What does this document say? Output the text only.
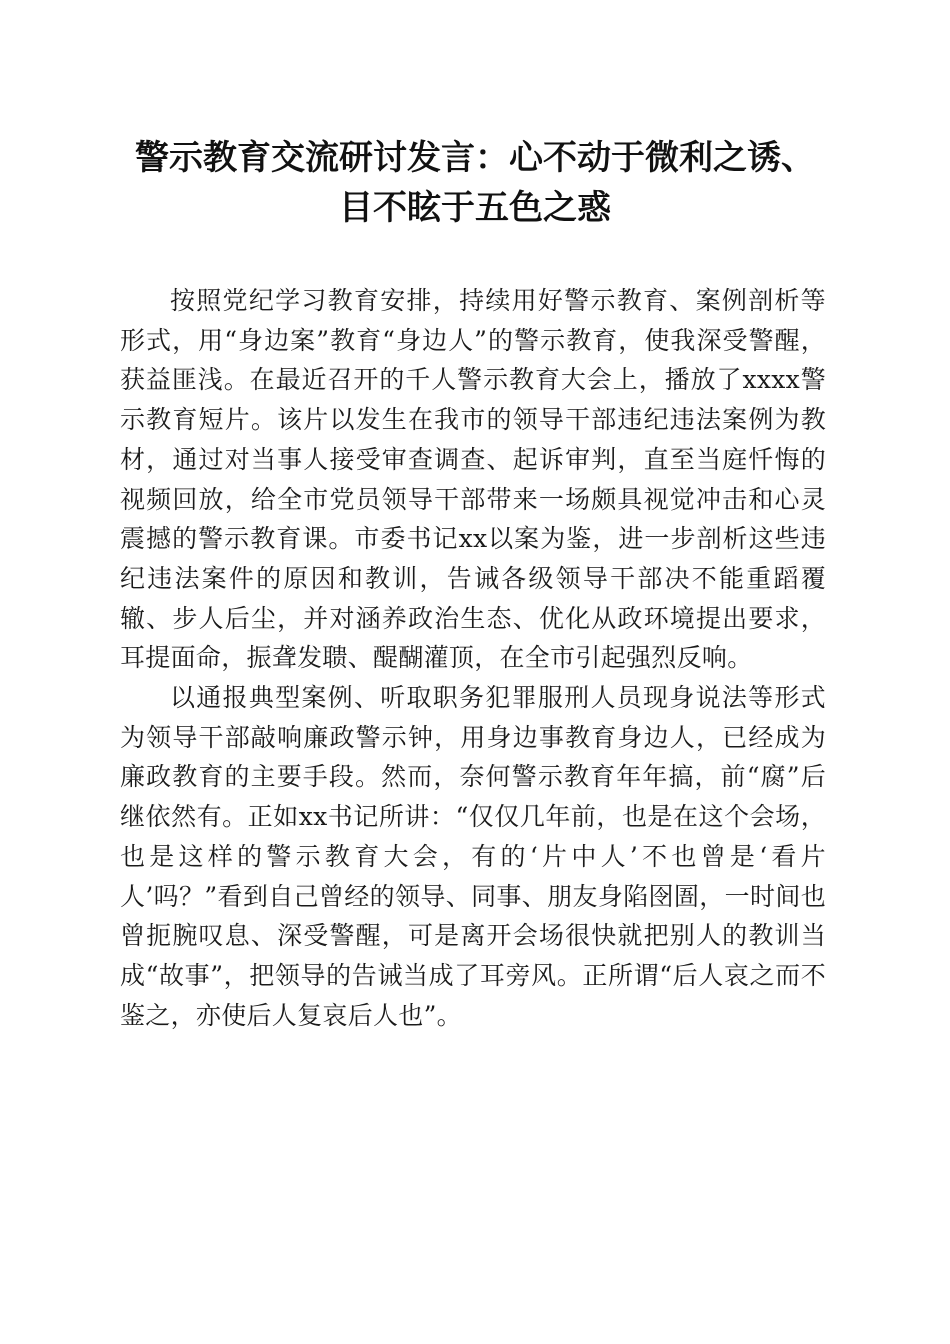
警示教育交流研讨发言：心不动于微利之诱、
目不眩于五色之惑

按照党纪学习教育安排，持续用好警示教育、案例剖析等形式，用“身边案”教育“身边人”的警示教育，使我深受警醒，获益匪浅。在最近召开的千人警示教育大会上，播放了xxxx警示教育短片。该片以发生在我市的领导干部违纪违法案例为教材，通过对当事人接受审查调查、起诉审判，直至当庭忏悔的视频回放，给全市党员领导干部带来一场颇具视觉冲击和心灵震撼的警示教育课。市委书记xx以案为鉴，进一步剖析这些违纪违法案件的原因和教训，告诫各级领导干部决不能重蹈覆辙、步人后尘，并对涵养政治生态、优化从政环境提出要求，耳提面命，振聋发聩、醍醐灌顶，在全市引起强烈反响。

以通报典型案例、听取职务犯罪服刑人员现身说法等形式为领导干部敲响廉政警示钟，用身边事教育身边人，已经成为廉政教育的主要手段。然而，奈何警示教育年年搞，前“腐”后继依然有。正如xx书记所讲：“仅仅几年前，也是在这个会场，也是这样的警示教育大会，有的‘片中人’不也曾是‘看片人’吗？”看到自己曾经的领导、同事、朋友身陷囹圄，一时间也曾扼腕叹息、深受警醒，可是离开会场很快就把别人的教训当成“故事”，把领导的告诫当成了耳旁风。正所谓“后人哀之而不鉴之，亦使后人复哀后人也”。
